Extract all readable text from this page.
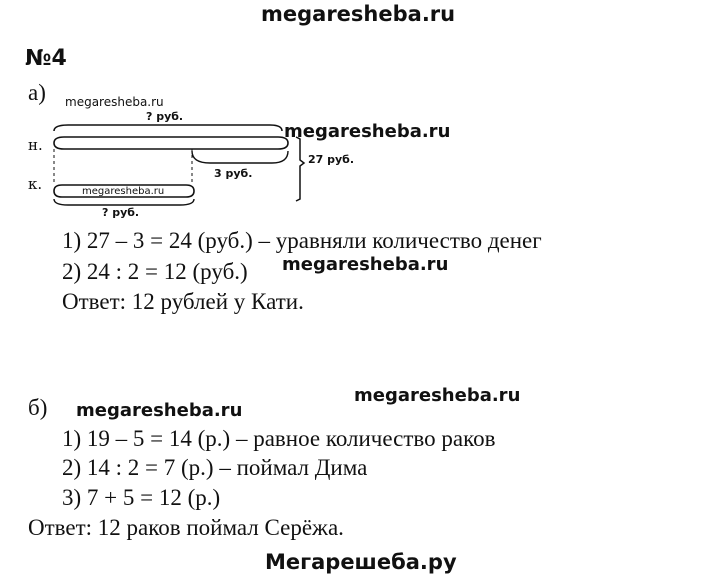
megaresheba.ru
№4
а) megaresheba.ru
н.
к.
? руб.
3 руб.
27 руб.
? руб.
megaresheba.ru
megaresheba.ru
1) 27 – 3 = 24 (руб.) – уравняли количество денег
2) 24 : 2 = 12 (руб.) megaresheba.ru
Ответ: 12 рублей у Кати.
megaresheba.ru
б) megaresheba.ru
1) 19 – 5 = 14 (р.) – равное количество раков
2) 14 : 2 = 7 (р.) – поймал Дима
3) 7 + 5 = 12 (р.)
Ответ: 12 раков поймал Серёжа.
Мегарешеба.ру
